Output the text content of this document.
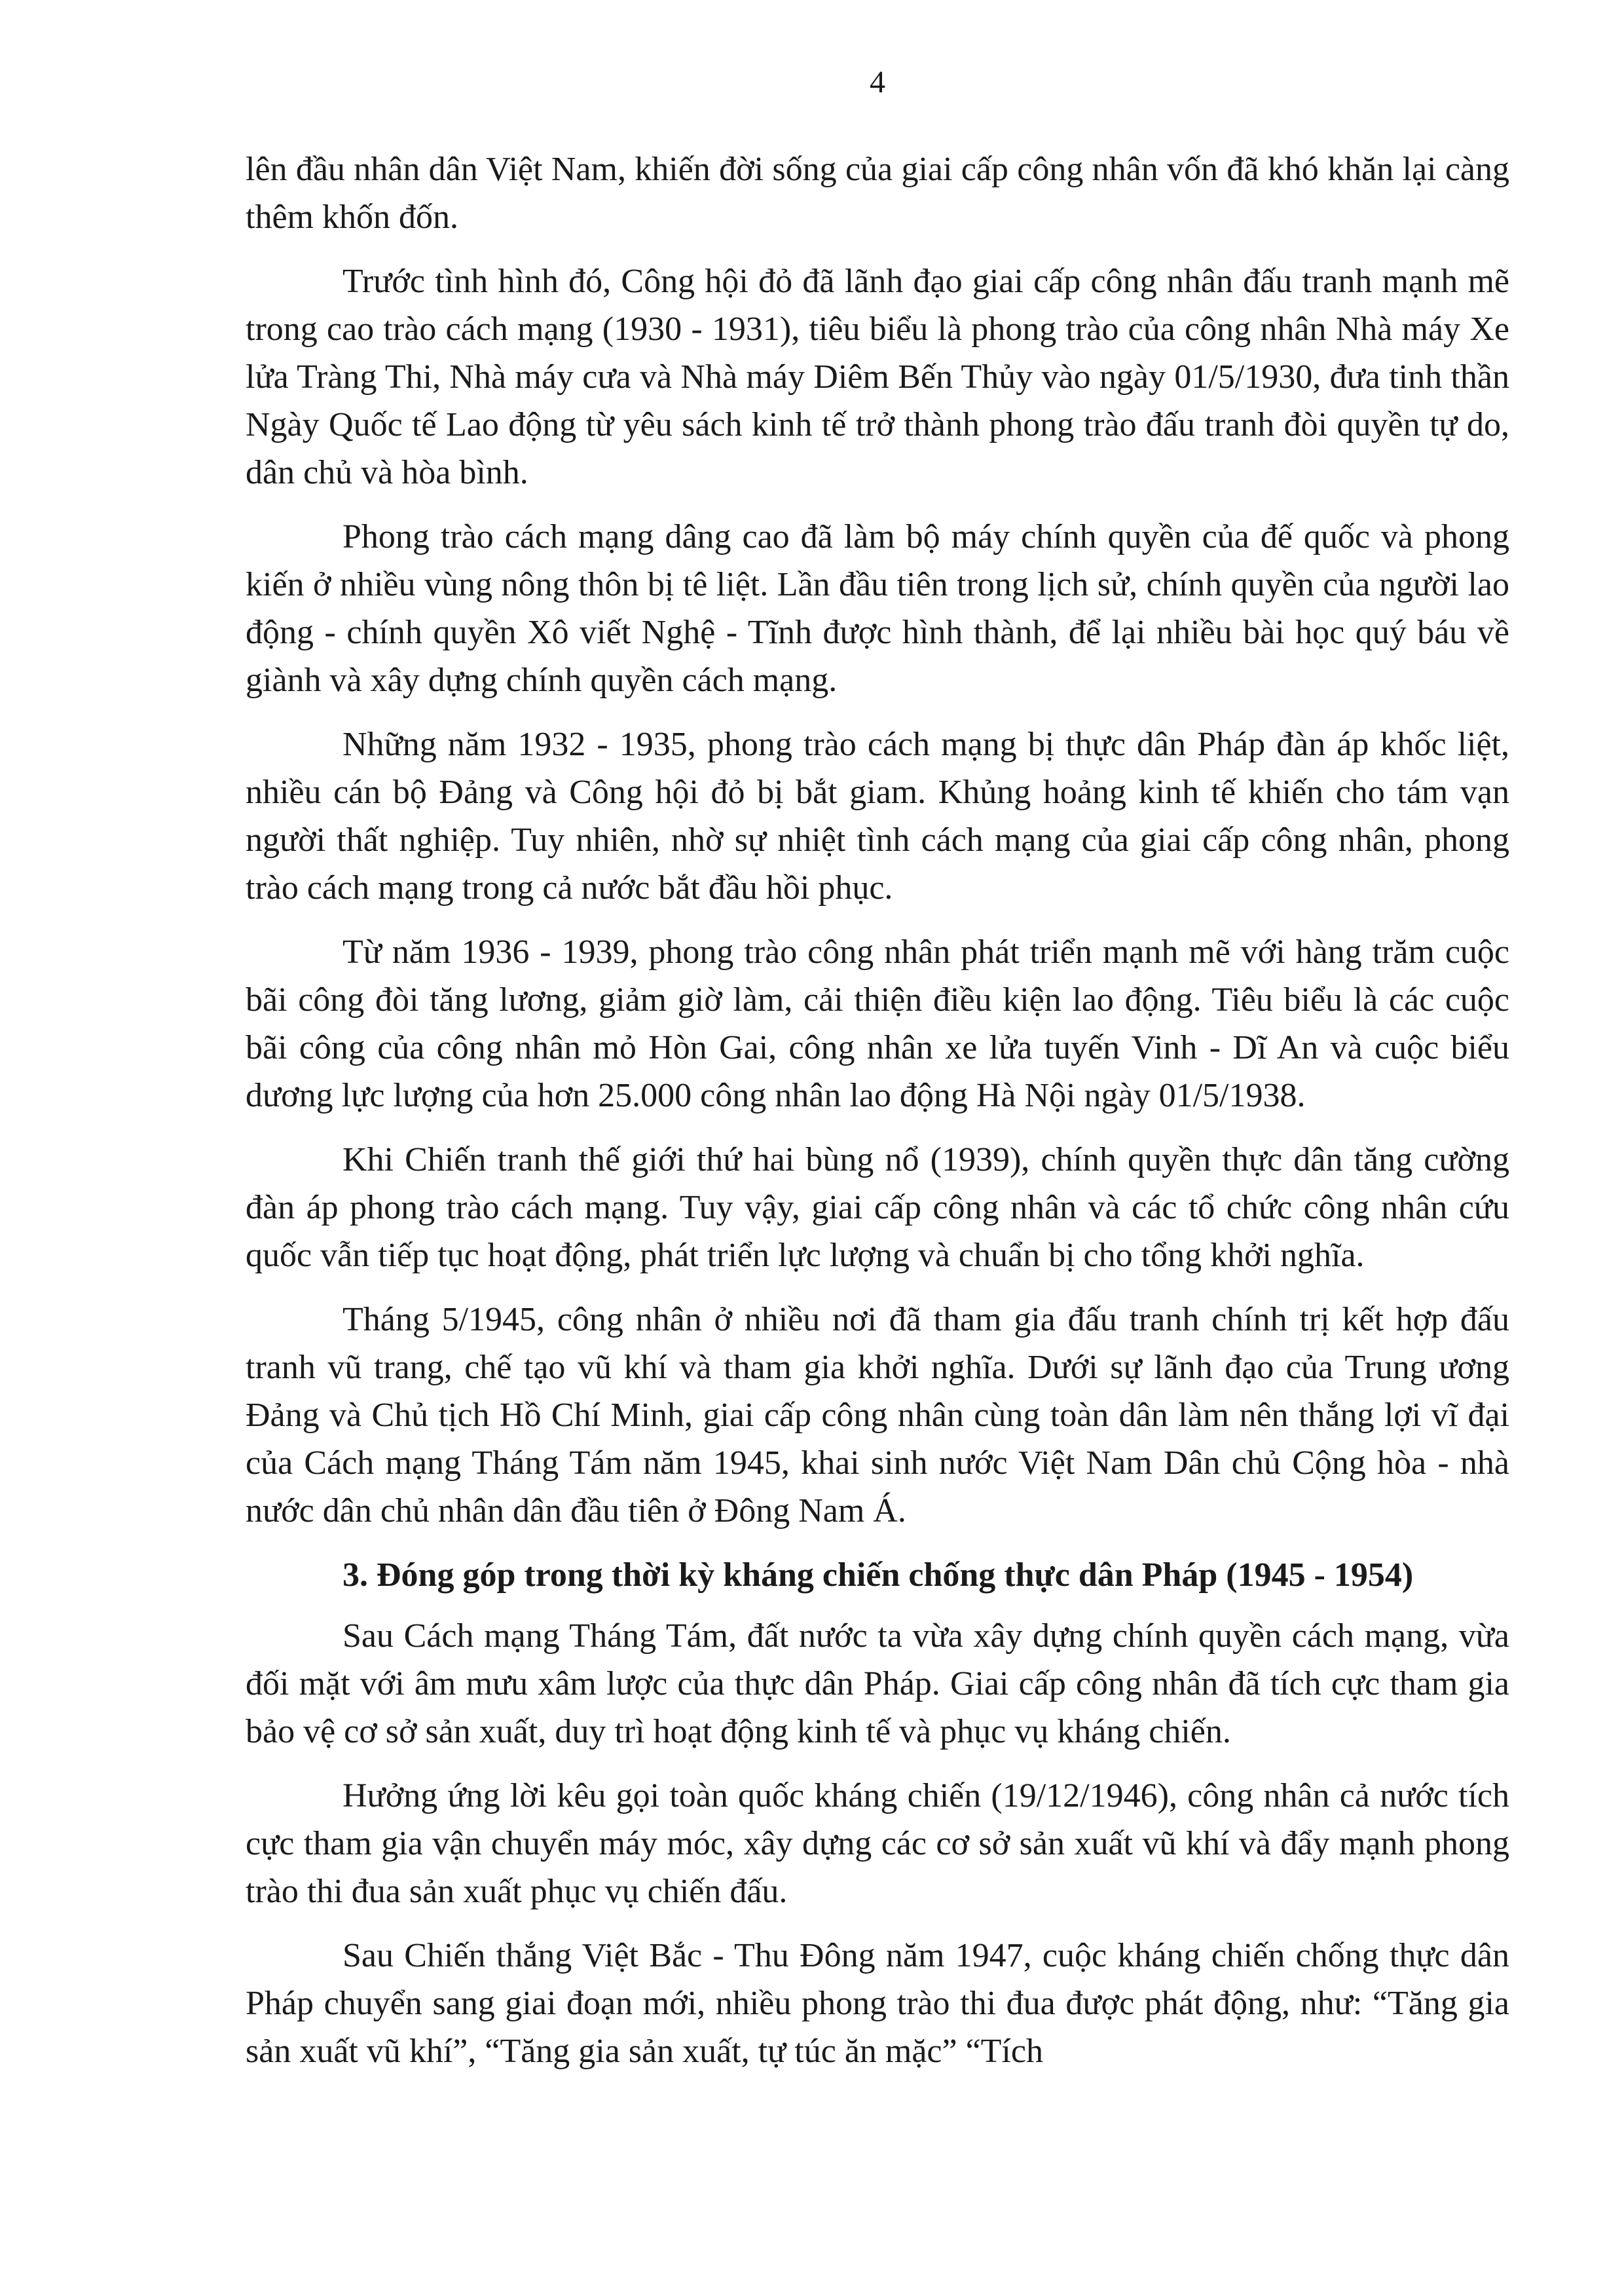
4

lên đầu nhân dân Việt Nam, khiến đời sống của giai cấp công nhân vốn đã khó khăn lại càng thêm khốn đốn.

Trước tình hình đó, Công hội đỏ đã lãnh đạo giai cấp công nhân đấu tranh mạnh mẽ trong cao trào cách mạng (1930 - 1931), tiêu biểu là phong trào của công nhân Nhà máy Xe lửa Tràng Thi, Nhà máy cưa và Nhà máy Diêm Bến Thủy vào ngày 01/5/1930, đưa tinh thần Ngày Quốc tế Lao động từ yêu sách kinh tế trở thành phong trào đấu tranh đòi quyền tự do, dân chủ và hòa bình.

Phong trào cách mạng dâng cao đã làm bộ máy chính quyền của đế quốc và phong kiến ở nhiều vùng nông thôn bị tê liệt. Lần đầu tiên trong lịch sử, chính quyền của người lao động - chính quyền Xô viết Nghệ - Tĩnh được hình thành, để lại nhiều bài học quý báu về giành và xây dựng chính quyền cách mạng.

Những năm 1932 - 1935, phong trào cách mạng bị thực dân Pháp đàn áp khốc liệt, nhiều cán bộ Đảng và Công hội đỏ bị bắt giam. Khủng hoảng kinh tế khiến cho tám vạn người thất nghiệp. Tuy nhiên, nhờ sự nhiệt tình cách mạng của giai cấp công nhân, phong trào cách mạng trong cả nước bắt đầu hồi phục.

Từ năm 1936 - 1939, phong trào công nhân phát triển mạnh mẽ với hàng trăm cuộc bãi công đòi tăng lương, giảm giờ làm, cải thiện điều kiện lao động. Tiêu biểu là các cuộc bãi công của công nhân mỏ Hòn Gai, công nhân xe lửa tuyến Vinh - Dĩ An và cuộc biểu dương lực lượng của hơn 25.000 công nhân lao động Hà Nội ngày 01/5/1938.

Khi Chiến tranh thế giới thứ hai bùng nổ (1939), chính quyền thực dân tăng cường đàn áp phong trào cách mạng. Tuy vậy, giai cấp công nhân và các tổ chức công nhân cứu quốc vẫn tiếp tục hoạt động, phát triển lực lượng và chuẩn bị cho tổng khởi nghĩa.

Tháng 5/1945, công nhân ở nhiều nơi đã tham gia đấu tranh chính trị kết hợp đấu tranh vũ trang, chế tạo vũ khí và tham gia khởi nghĩa. Dưới sự lãnh đạo của Trung ương Đảng và Chủ tịch Hồ Chí Minh, giai cấp công nhân cùng toàn dân làm nên thắng lợi vĩ đại của Cách mạng Tháng Tám năm 1945, khai sinh nước Việt Nam Dân chủ Cộng hòa - nhà nước dân chủ nhân dân đầu tiên ở Đông Nam Á.

3. Đóng góp trong thời kỳ kháng chiến chống thực dân Pháp (1945 - 1954)

Sau Cách mạng Tháng Tám, đất nước ta vừa xây dựng chính quyền cách mạng, vừa đối mặt với âm mưu xâm lược của thực dân Pháp. Giai cấp công nhân đã tích cực tham gia bảo vệ cơ sở sản xuất, duy trì hoạt động kinh tế và phục vụ kháng chiến.

Hưởng ứng lời kêu gọi toàn quốc kháng chiến (19/12/1946), công nhân cả nước tích cực tham gia vận chuyển máy móc, xây dựng các cơ sở sản xuất vũ khí và đẩy mạnh phong trào thi đua sản xuất phục vụ chiến đấu.

Sau Chiến thắng Việt Bắc - Thu Đông năm 1947, cuộc kháng chiến chống thực dân Pháp chuyển sang giai đoạn mới, nhiều phong trào thi đua được phát động, như: “Tăng gia sản xuất vũ khí”, “Tăng gia sản xuất, tự túc ăn mặc” “Tích
